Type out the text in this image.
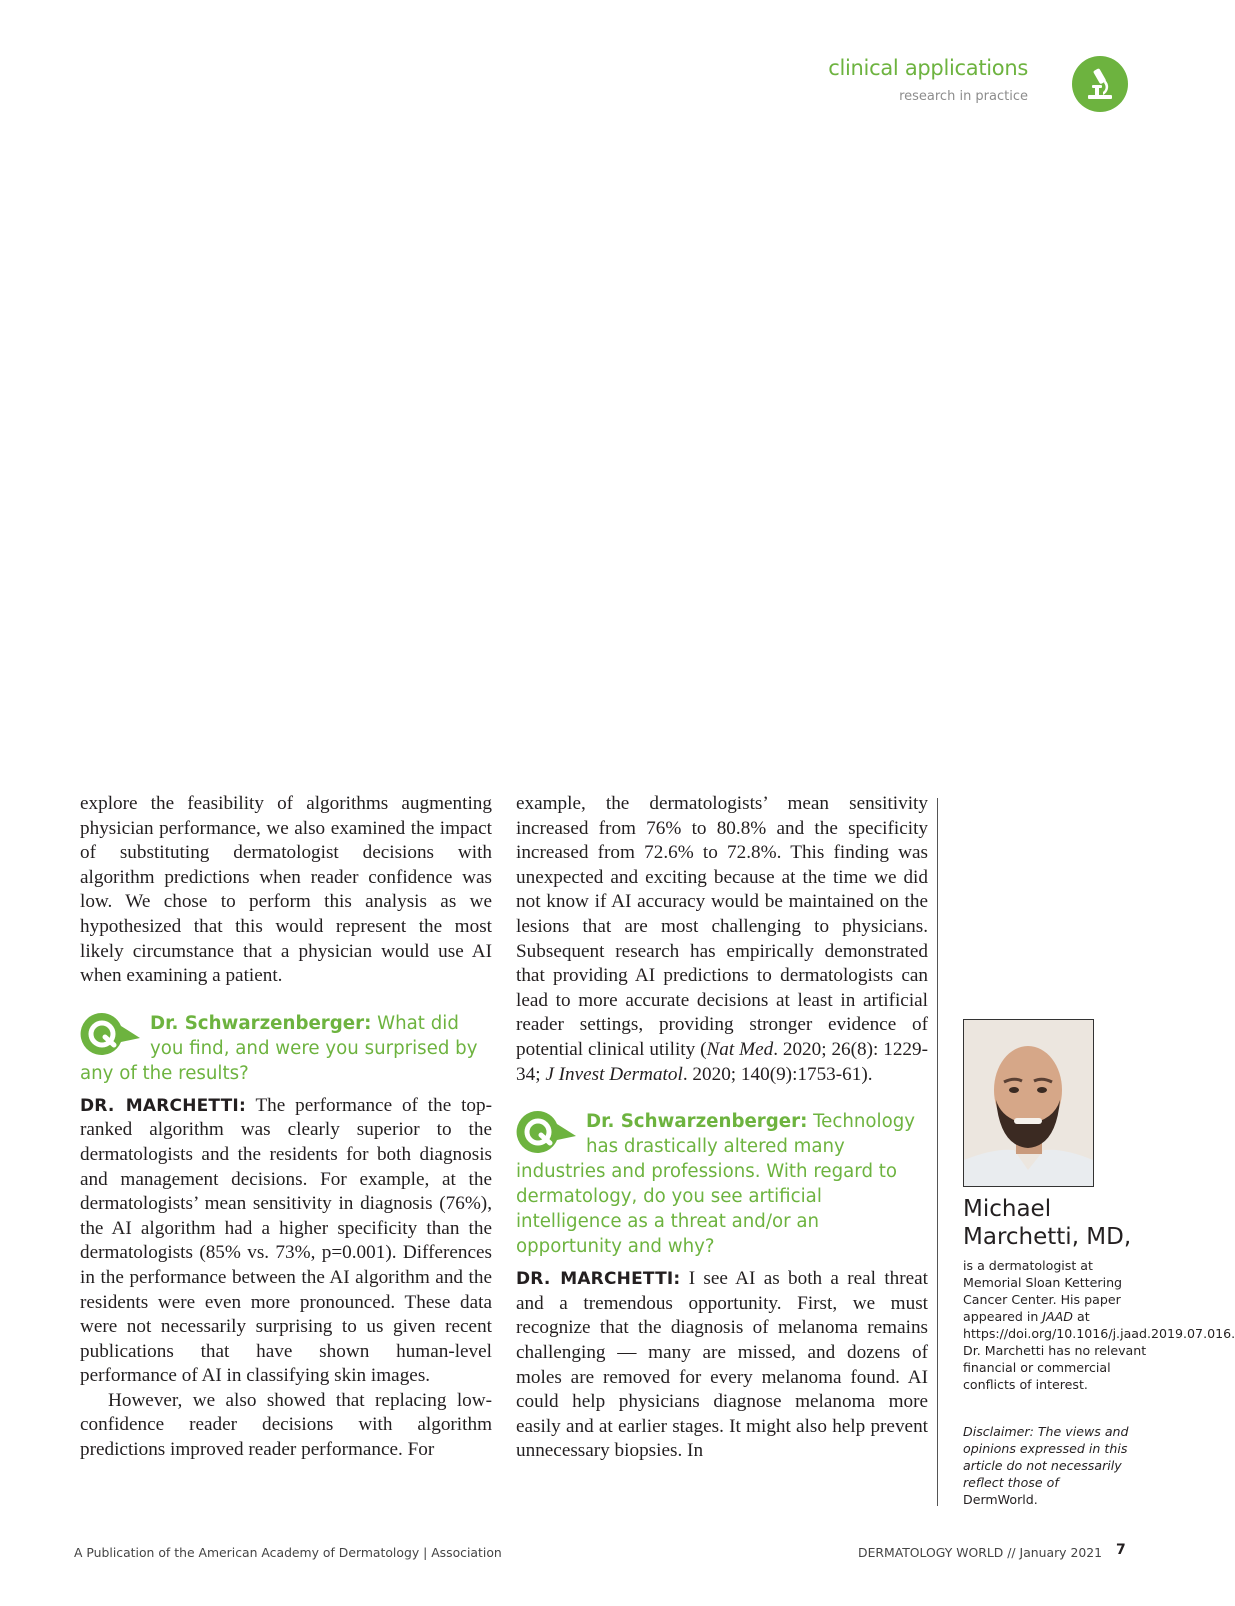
clinical applications
research in practice

explore the feasibility of algorithms augmenting physician performance, we also examined the impact of substituting dermatologist decisions with algorithm predictions when reader confidence was low. We chose to perform this analysis as we hypothesized that this would represent the most likely circumstance that a physician would use AI when examining a patient.

Dr. Schwarzenberger: What did you find, and were you surprised by any of the results?

DR. MARCHETTI: The performance of the top-ranked algorithm was clearly superior to the dermatologists and the residents for both diagnosis and management decisions. For example, at the dermatologists’ mean sensitivity in diagnosis (76%), the AI algorithm had a higher specificity than the dermatologists (85% vs. 73%, p=0.001). Differences in the performance between the AI algorithm and the residents were even more pronounced. These data were not necessarily surprising to us given recent publications that have shown human-level performance of AI in classifying skin images.

However, we also showed that replacing low-confidence reader decisions with algorithm predictions improved reader performance. For

example, the dermatologists’ mean sensitivity increased from 76% to 80.8% and the specificity increased from 72.6% to 72.8%. This finding was unexpected and exciting because at the time we did not know if AI accuracy would be maintained on the lesions that are most challenging to physicians. Subsequent research has empirically demonstrated that providing AI predictions to dermatologists can lead to more accurate decisions at least in artificial reader settings, providing stronger evidence of potential clinical utility (Nat Med. 2020; 26(8): 1229-34; J Invest Dermatol. 2020; 140(9):1753-61).

Dr. Schwarzenberger: Technology has drastically altered many industries and professions. With regard to dermatology, do you see artificial intelligence as a threat and/or an opportunity and why?

DR. MARCHETTI: I see AI as both a real threat and a tremendous opportunity. First, we must recognize that the diagnosis of melanoma remains challenging — many are missed, and dozens of moles are removed for every melanoma found. AI could help physicians diagnose melanoma more easily and at earlier stages. It might also help prevent unnecessary biopsies. In

Michael Marchetti, MD,
is a dermatologist at Memorial Sloan Kettering Cancer Center. His paper appeared in JAAD at https://doi.org/10.1016/j.jaad.2019.07.016. Dr. Marchetti has no relevant financial or commercial conflicts of interest.
Disclaimer: The views and opinions expressed in this article do not necessarily reflect those of
DermWorld.
A Publication of the American Academy of Dermatology | Association	DERMATOLOGY WORLD // January 2021 7
